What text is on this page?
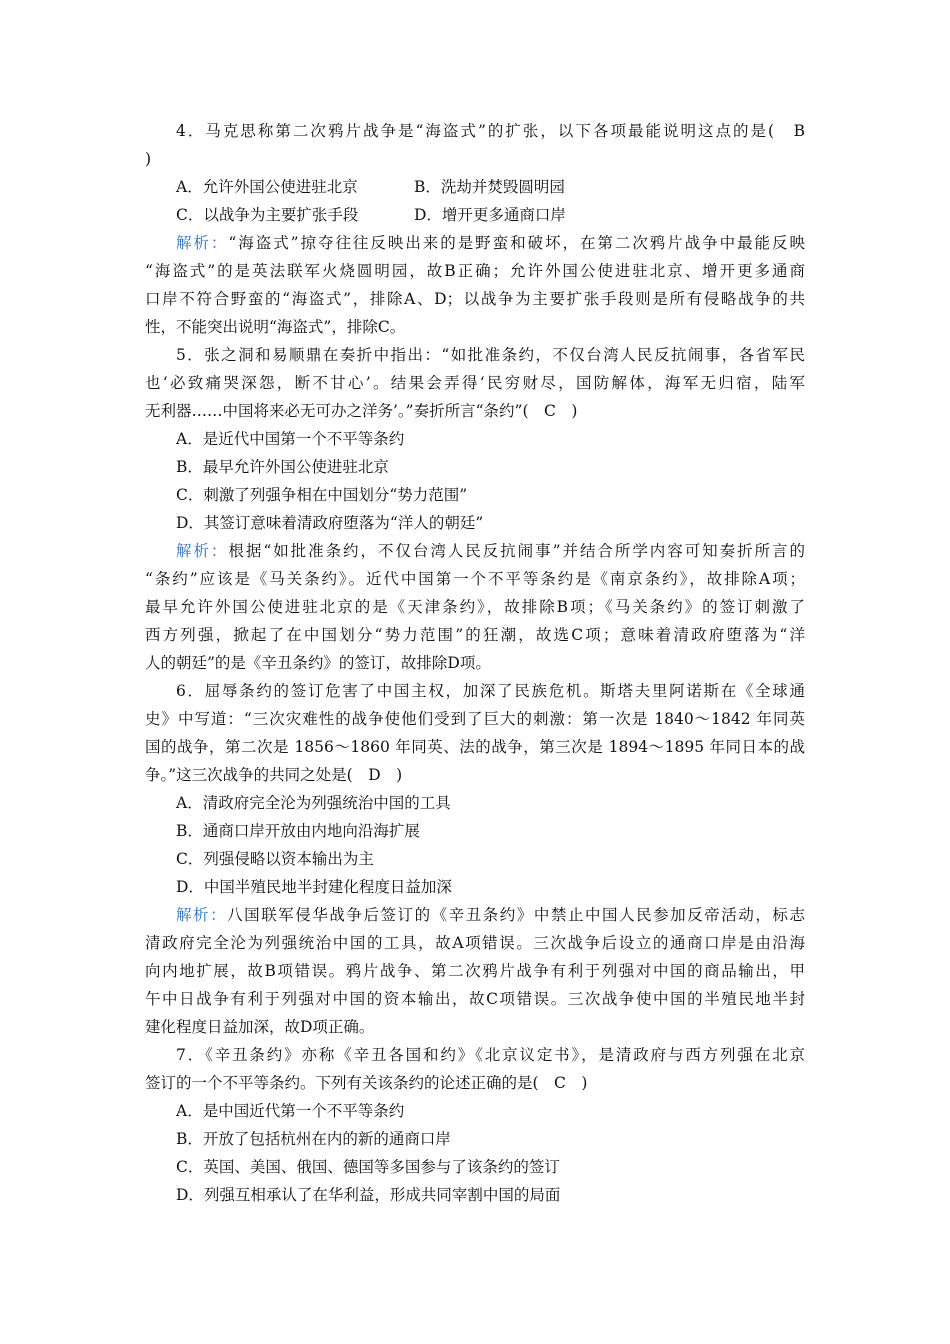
4．马克思称第二次鸦片战争是“海盗式”的扩张，以下各项最能说明这点的是(　B
)
A．允许外国公使进驻北京	B．洗劫并焚毁圆明园
C．以战争为主要扩张手段	D．增开更多通商口岸
解析：“海盗式”掠夺往往反映出来的是野蛮和破坏，在第二次鸦片战争中最能反映
“海盗式”的是英法联军火烧圆明园，故B正确；允许外国公使进驻北京、增开更多通商
口岸不符合野蛮的“海盗式”，排除A、D；以战争为主要扩张手段则是所有侵略战争的共
性，不能突出说明“海盗式”，排除C。
5．张之洞和易顺鼎在奏折中指出：“如批准条约，不仅台湾人民反抗闹事，各省军民
也‘必致痛哭深怨，断不甘心’。结果会弄得‘民穷财尽，国防解体，海军无归宿，陆军
无利器……中国将来必无可办之洋务’。”奏折所言“条约”(　C　)
A．是近代中国第一个不平等条约
B．最早允许外国公使进驻北京
C．刺激了列强争相在中国划分“势力范围”
D．其签订意味着清政府堕落为“洋人的朝廷”
解析：根据“如批准条约，不仅台湾人民反抗闹事”并结合所学内容可知奏折所言的
“条约”应该是《马关条约》。近代中国第一个不平等条约是《南京条约》，故排除A项；
最早允许外国公使进驻北京的是《天津条约》，故排除B项；《马关条约》的签订刺激了
西方列强，掀起了在中国划分“势力范围”的狂潮，故选C项；意味着清政府堕落为“洋
人的朝廷”的是《辛丑条约》的签订，故排除D项。
6．屈辱条约的签订危害了中国主权，加深了民族危机。斯塔夫里阿诺斯在《全球通
史》中写道：“三次灾难性的战争使他们受到了巨大的刺激：第一次是 1840～1842 年同英
国的战争，第二次是 1856～1860 年同英、法的战争，第三次是 1894～1895 年同日本的战
争。”这三次战争的共同之处是(　D　)
A．清政府完全沦为列强统治中国的工具
B．通商口岸开放由内地向沿海扩展
C．列强侵略以资本输出为主
D．中国半殖民地半封建化程度日益加深
解析：八国联军侵华战争后签订的《辛丑条约》中禁止中国人民参加反帝活动，标志
清政府完全沦为列强统治中国的工具，故A项错误。三次战争后设立的通商口岸是由沿海
向内地扩展，故B项错误。鸦片战争、第二次鸦片战争有利于列强对中国的商品输出，甲
午中日战争有利于列强对中国的资本输出，故C项错误。三次战争使中国的半殖民地半封
建化程度日益加深，故D项正确。
7．《辛丑条约》亦称《辛丑各国和约》《北京议定书》，是清政府与西方列强在北京
签订的一个不平等条约。下列有关该条约的论述正确的是(　C　)
A．是中国近代第一个不平等条约
B．开放了包括杭州在内的新的通商口岸
C．英国、美国、俄国、德国等多国参与了该条约的签订
D．列强互相承认了在华利益，形成共同宰割中国的局面
